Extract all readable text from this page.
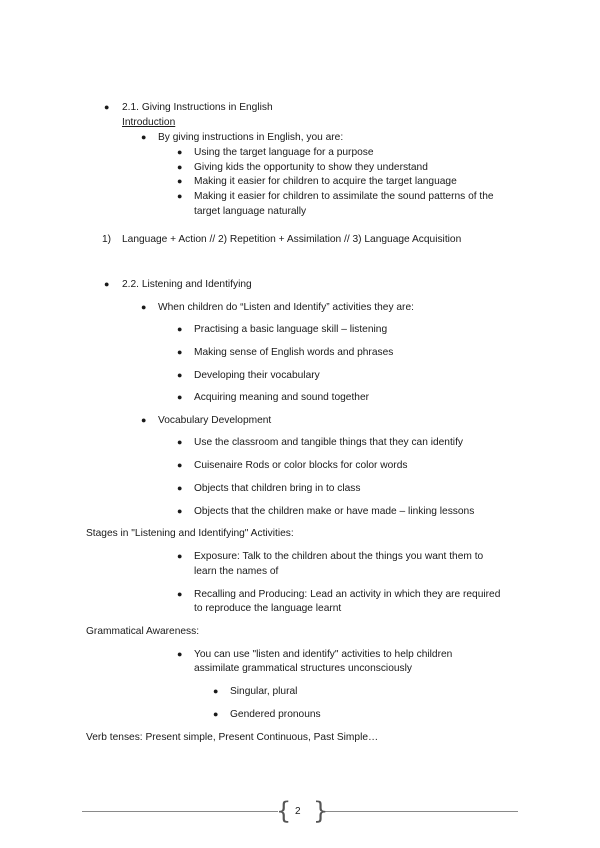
● 2.1. Giving Instructions in English
Introduction
● By giving instructions in English, you are:
● Using the target language for a purpose
● Giving kids the opportunity to show they understand
● Making it easier for children to acquire the target language
● Making it easier for children to assimilate the sound patterns of the
target language naturally
1) Language + Action // 2) Repetition + Assimilation // 3) Language Acquisition
● 2.2. Listening and Identifying
● When children do “Listen and Identify” activities they are:
● Practising a basic language skill – listening
● Making sense of English words and phrases
● Developing their vocabulary
● Acquiring meaning and sound together
● Vocabulary Development
● Use the classroom and tangible things that they can identify
● Cuisenaire Rods or color blocks for color words
● Objects that children bring in to class
● Objects that the children make or have made – linking lessons
Stages in "Listening and Identifying" Activities:
● Exposure: Talk to the children about the things you want them to
learn the names of
● Recalling and Producing: Lead an activity in which they are required
to reproduce the language learnt
Grammatical Awareness:
● You can use "listen and identify" activities to help children
assimilate grammatical structures unconsciously
● Singular, plural
● Gendered pronouns
Verb tenses: Present simple, Present Continuous, Past Simple…
{ }
2
